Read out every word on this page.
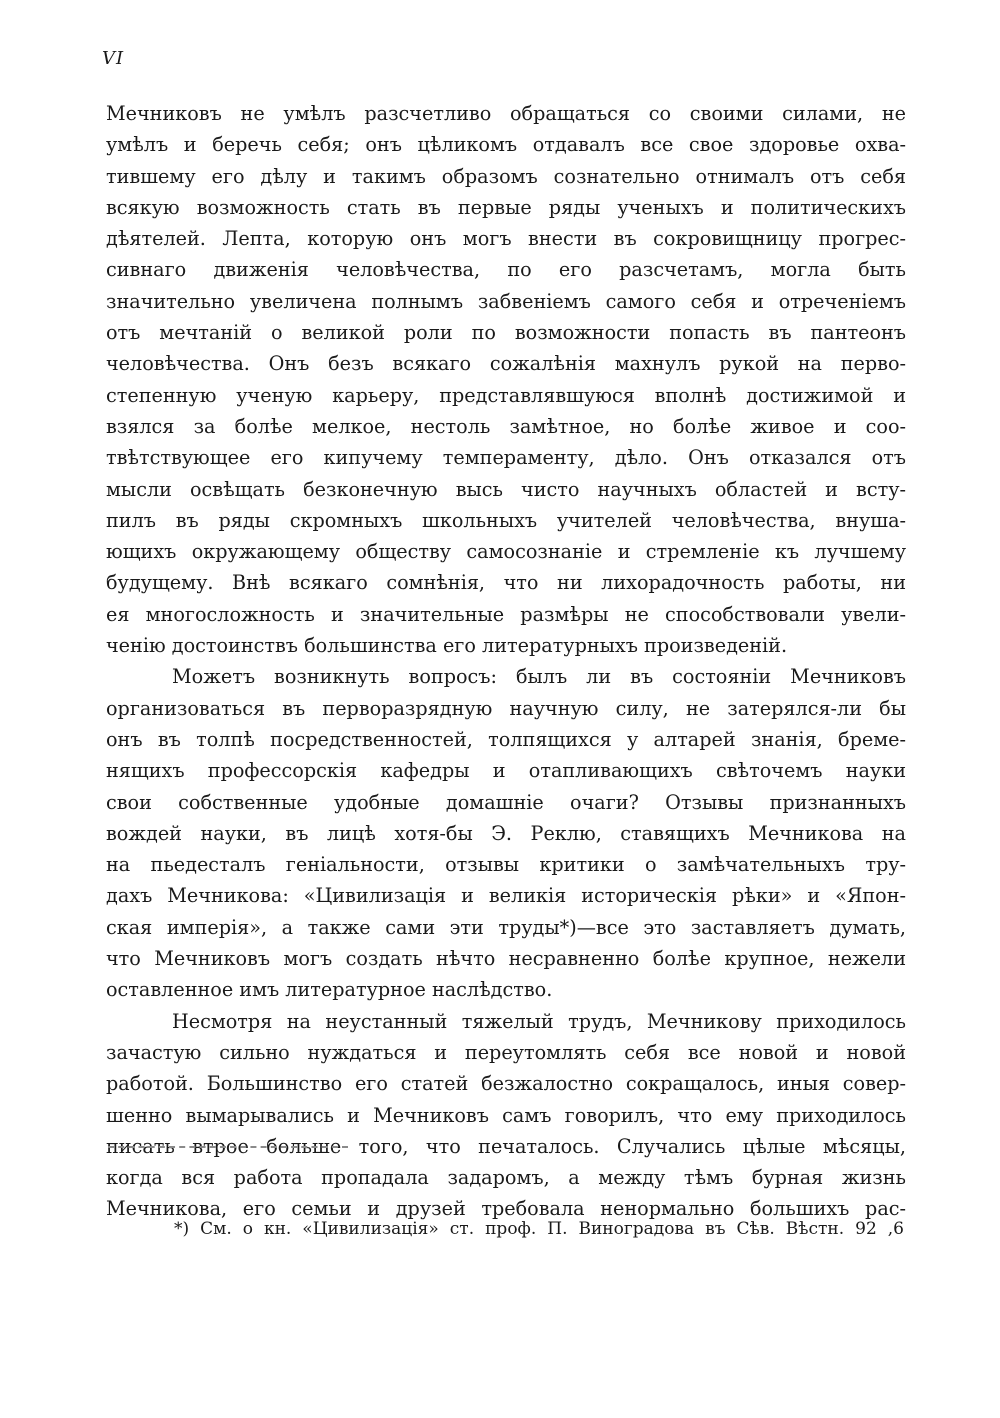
VI
Мечниковъ не умѣлъ разсчетливо обращаться со своими силами, не
умѣлъ и беречь себя; онъ цѣликомъ отдавалъ все свое здоровье охва-
тившему его дѣлу и такимъ образомъ сознательно отнималъ отъ себя
всякую возможность стать въ первые ряды ученыхъ и политическихъ
дѣятелей. Лепта, которую онъ могъ внести въ сокровищницу прогрес-
сивнаго движенія человѣчества, по его разсчетамъ, могла быть
значительно увеличена полнымъ забвеніемъ самого себя и отреченіемъ
отъ мечтаній о великой роли по возможности попасть въ пантеонъ
человѣчества. Онъ безъ всякаго сожалѣнія махнулъ рукой на перво-
степенную ученую карьеру, представлявшуюся вполнѣ достижимой и
взялся за болѣе мелкое, нестоль замѣтное, но болѣе живое и соо-
твѣтствующее его кипучему темпераменту, дѣло. Онъ отказался отъ
мысли освѣщать безконечную высь чисто научныхъ областей и всту-
пилъ въ ряды скромныхъ школьныхъ учителей человѣчества, внуша-
ющихъ окружающему обществу самосознаніе и стремленіе къ лучшему
будущему. Внѣ всякаго сомнѣнія, что ни лихорадочность работы, ни
ея многосложность и значительные размѣры не способствовали увели-
ченію достоинствъ большинства его литературныхъ произведеній.
Можетъ возникнуть вопросъ: былъ ли въ состояніи Мечниковъ
организоваться въ перворазрядную научную силу, не затерялся-ли бы
онъ въ толпѣ посредственностей, толпящихся у алтарей знанія, бреме-
нящихъ профессорскія кафедры и отапливающихъ свѣточемъ науки
свои собственные удобные домашніе очаги? Отзывы признанныхъ
вождей науки, въ лицѣ хотя-бы Э. Реклю, ставящихъ Мечникова на
на пьедесталъ геніальности, отзывы критики о замѣчательныхъ тру-
дахъ Мечникова: «Цивилизація и великія историческія рѣки» и «Япон-
ская имперія», а также сами эти труды*)—все это заставляетъ думать,
что Мечниковъ могъ создать нѣчто несравненно болѣе крупное, нежели
оставленное имъ литературное наслѣдство.
Несмотря на неустанный тяжелый трудъ, Мечникову приходилось
зачастую сильно нуждаться и переутомлять себя все новой и новой
работой. Большинство его статей безжалостно сокращалось, иныя совер-
шенно вымарывались и Мечниковъ самъ говорилъ, что ему приходилось
писать втрое больше того, что печаталось. Случались цѣлые мѣсяцы,
когда вся работа пропадала задаромъ, а между тѣмъ бурная жизнь
Мечникова, его семьи и друзей требовала ненормально большихъ рас-
*) См. о кн. «Цивилизація» ст. проф. П. Виноградова въ Сѣв. Вѣстн. 92 ,6
